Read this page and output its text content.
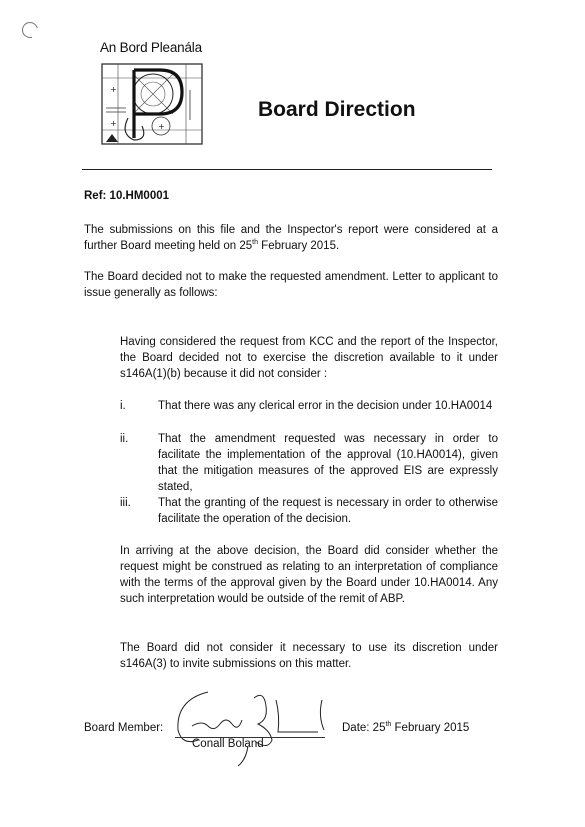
An Bord Pleanála
+
+
+
Board Direction
Ref: 10.HM0001
The submissions on this file and the Inspector's report were considered at a further Board meeting held on 25th February 2015.
The Board decided not to make the requested amendment. Letter to applicant to issue generally as follows:
Having considered the request from KCC and the report of the Inspector, the Board decided not to exercise the discretion available to it under s146A(1)(b) because it did not consider :
i.	That there was any clerical error in the decision under 10.HA0014
ii.	That the amendment requested was necessary in order to facilitate the implementation of the approval (10.HA0014), given that the mitigation measures of the approved EIS are expressly stated,
iii.	That the granting of the request is necessary in order to otherwise facilitate the operation of the decision.
In arriving at the above decision, the Board did consider whether the request might be construed as relating to an interpretation of compliance with the terms of the approval given by the Board under 10.HA0014. Any such interpretation would be outside of the remit of ABP.
The Board did not consider it necessary to use its discretion under s146A(3) to invite submissions on this matter.
Board Member:
Conall Boland
Date: 25th February 2015
